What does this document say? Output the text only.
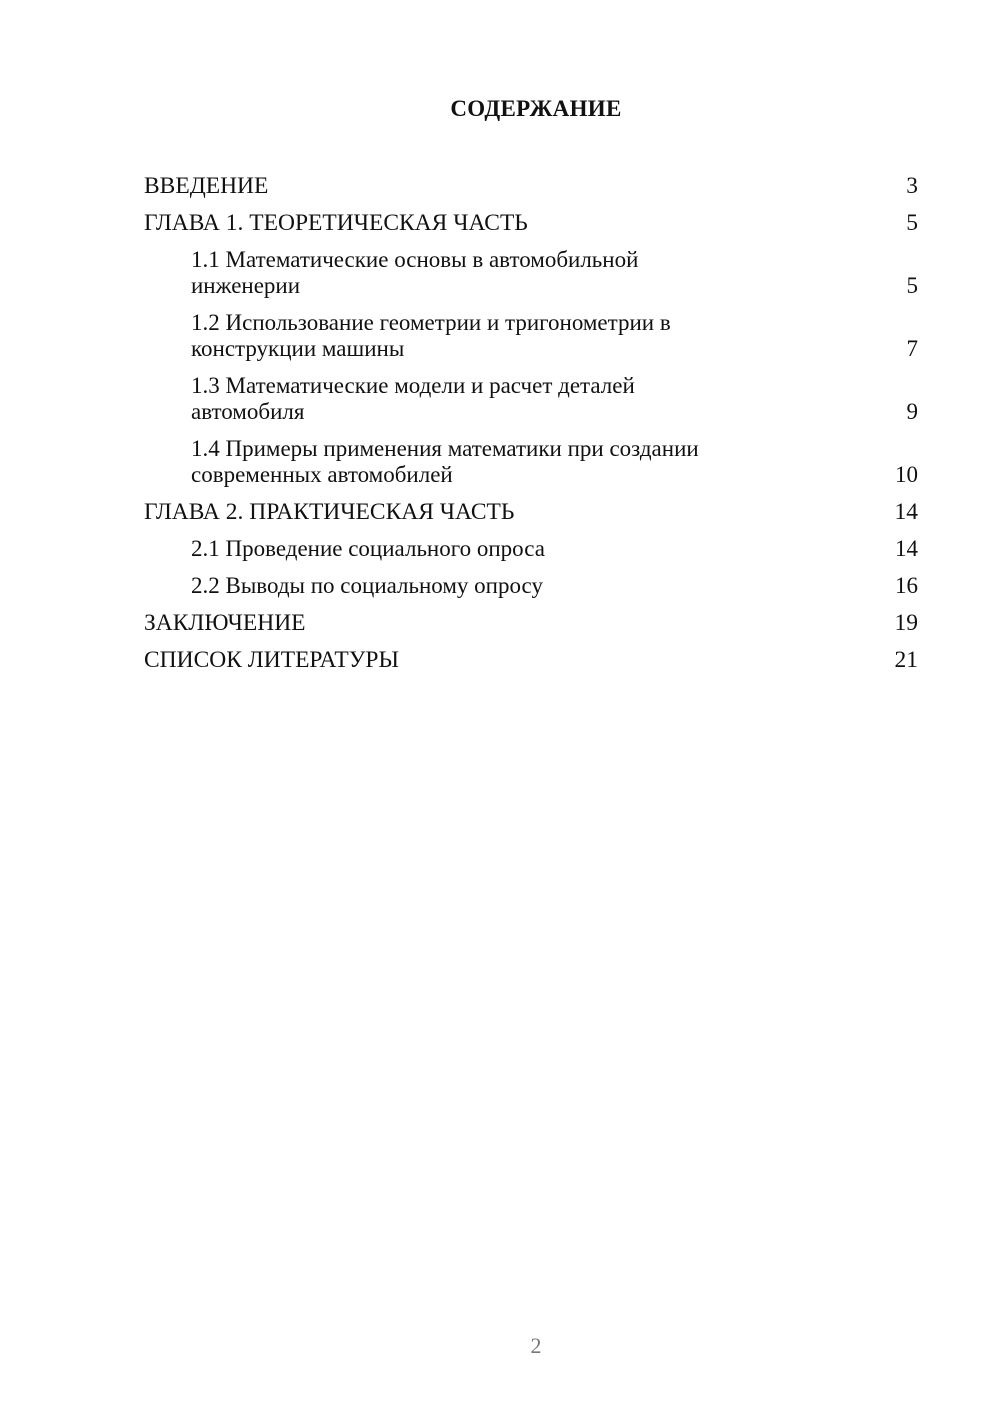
СОДЕРЖАНИЕ
ВВЕДЕНИЕ	3
ГЛАВА 1. ТЕОРЕТИЧЕСКАЯ ЧАСТЬ	5
1.1 Математические основы в автомобильной инженерии	5
1.2 Использование геометрии и тригонометрии в конструкции машины	7
1.3 Математические модели и расчет деталей автомобиля	9
1.4 Примеры применения математики при создании современных автомобилей	10
ГЛАВА 2. ПРАКТИЧЕСКАЯ ЧАСТЬ	14
2.1 Проведение социального опроса	14
2.2 Выводы по социальному опросу	16
ЗАКЛЮЧЕНИЕ	19
СПИСОК ЛИТЕРАТУРЫ	21
2
